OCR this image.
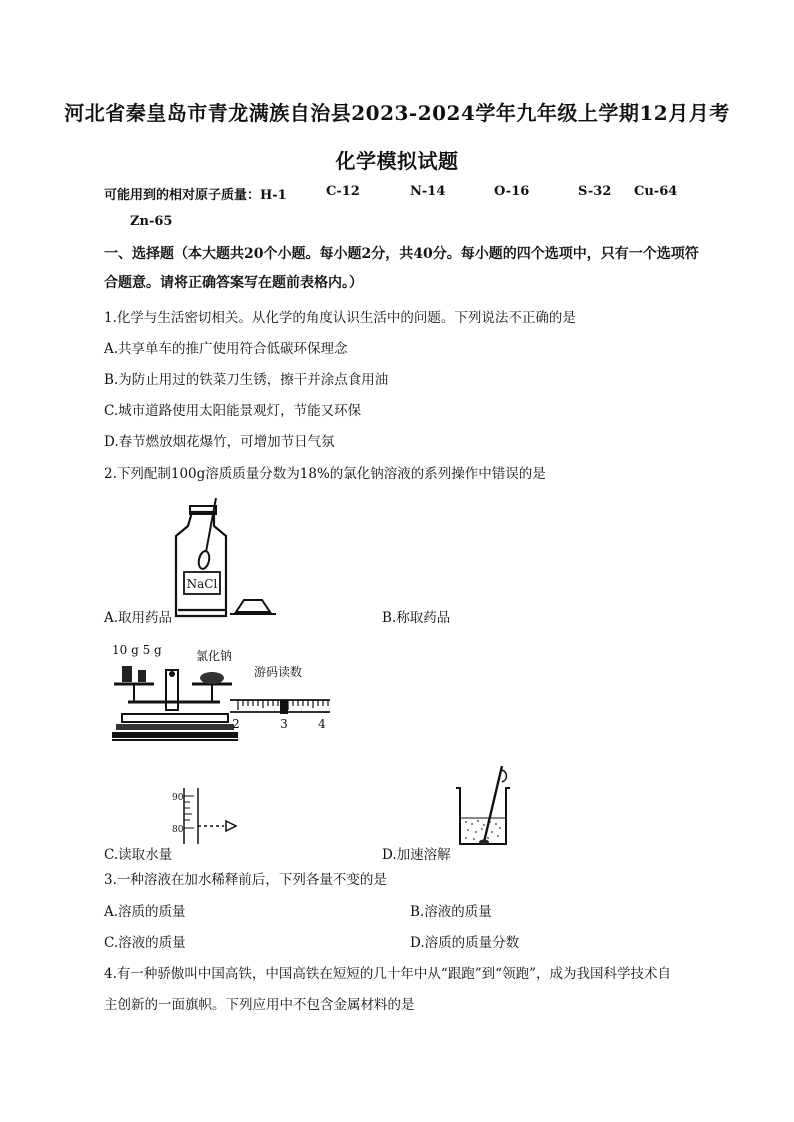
河北省秦皇岛市青龙满族自治县2023-2024学年九年级上学期12月月考
化学模拟试题
可能用到的相对原子质量：H-1	C-12	N-14	O-16	S-32 Cu-64
Zn-65
一、选择题（本大题共20个小题。每小题2分，共40分。每小题的四个选项中，只有一个选项符合题意。请将正确答案写在题前表格内。）
1.化学与生活密切相关。从化学的角度认识生活中的问题。下列说法不正确的是
A.共享单车的推广使用符合低碳环保理念
B.为防止用过的铁菜刀生锈，擦干并涂点食用油
C.城市道路使用太阳能景观灯，节能又环保
D.春节燃放烟花爆竹，可增加节日气氛
2.下列配制100g溶质质量分数为18%的氯化钠溶液的系列操作中错误的是
NaCl
A.取用药品	B.称取药品
10 g 5 g	氯化钠
游码读数
2	3	4
90
80
C.读取水量	D.加速溶解
3.一种溶液在加水稀释前后，下列各量不变的是
A.溶质的质量	B.溶液的质量
C.溶液的质量	D.溶质的质量分数
4.有一种骄傲叫中国高铁，中国高铁在短短的几十年中从“跟跑”到“领跑”，成为我国科学技术自
主创新的一面旗帜。下列应用中不包含金属材料的是
